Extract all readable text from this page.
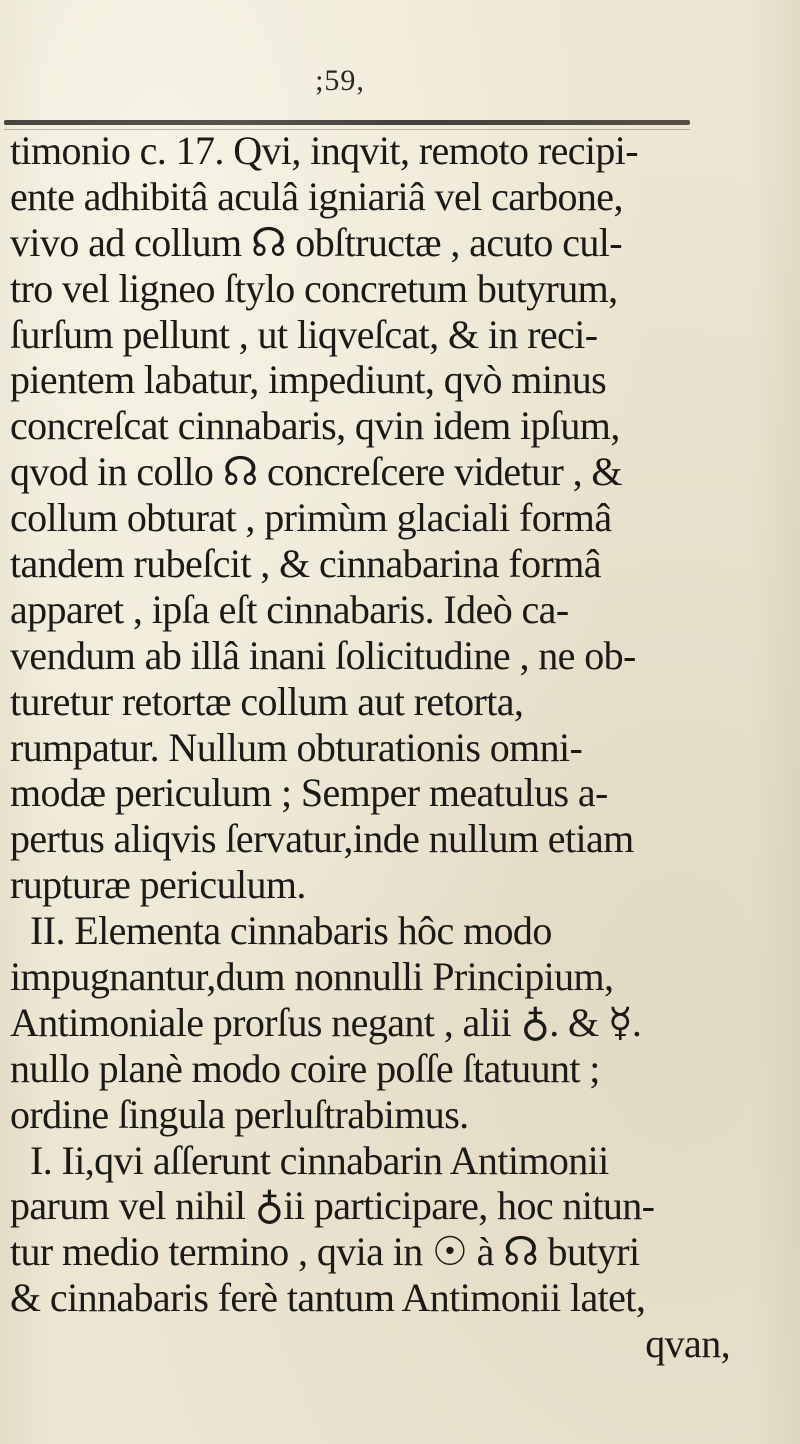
;59,
timonio c. 17. Qvi, inqvit, remoto recipi-
ente adhibitâ aculâ igniariâ vel carbone,
vivo ad collum ☊ obſtructæ , acuto cul-
tro vel ligneo ſtylo concretum butyrum,
ſurſum pellunt , ut liqveſcat, & in reci-
pientem labatur, impediunt, qvò minus
concreſcat cinnabaris, qvin idem ipſum,
qvod in collo ☊ concreſcere videtur , &
collum obturat , primùm glaciali formâ
tandem rubeſcit , & cinnabarina formâ
apparet , ipſa eſt cinnabaris. Ideò ca-
vendum ab illâ inani ſolicitudine , ne ob-
turetur retortæ collum aut retorta,
rumpatur. Nullum obturationis omni-
modæ periculum ; Semper meatulus a-
pertus aliqvis ſervatur,inde nullum etiam
rupturæ periculum.
II. Elementa cinnabaris hôc modo
impugnantur,dum nonnulli Principium,
Antimoniale prorſus negant , alii ♁. & ☿.
nullo planè modo coire poſſe ſtatuunt ;
ordine ſingula perluſtrabimus.
I. Ii,qvi aſſerunt cinnabarin Antimonii
parum vel nihil ♁ii participare, hoc nitun-
tur medio termino , qvia in ☉ à ☊ butyri
& cinnabaris ferè tantum Antimonii latet,
qvan,
